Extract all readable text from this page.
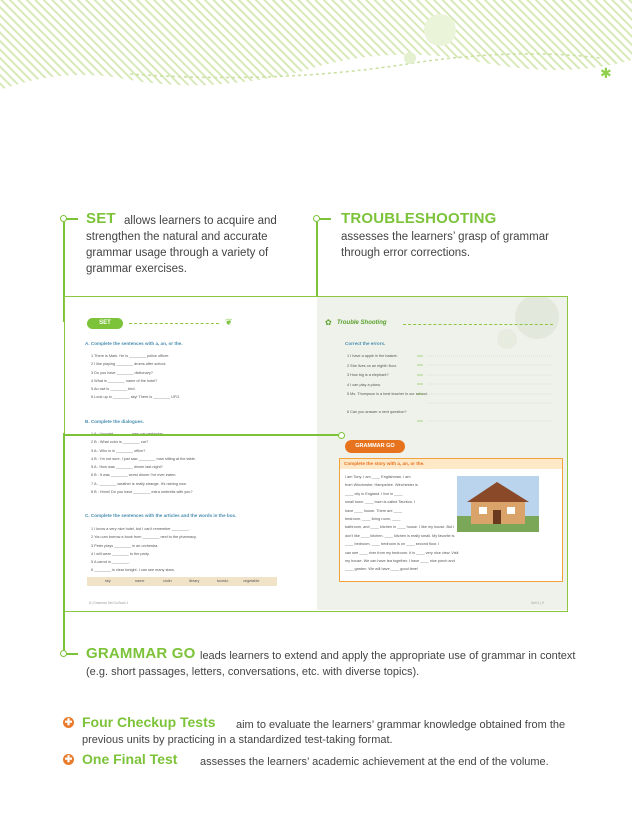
✱
SET allows learners to acquire and
strengthen the natural and accurate
grammar usage through a variety of
grammar exercises.
TROUBLESHOOTING
assesses the learners’ grasp of grammar
through error corrections.
SET	❦
A. Complete the sentences with a, an, or the.
1 There is Mark. He is ________ police officer.
2 I like playing ________ drums after school.
3 Do you have ________ dictionary?
4 What is ________ name of the hotel?
5 An owl is ________ bird.
6 Look up in ________ sky! There is ________ UFO.
B. Complete the dialogues.
2 B : What color is ________ car?
3 A : Who is in ________ office?
4 B : I'm not sure. I just saw ________ man sitting at the table.
5 A : How was ________ dinner last night?
6 B : It was ________ worst dinner I've ever eaten.
7 A : ________ weather is really strange. It's raining now.
8 B : Hmm! Do you have ________ extra umbrella with you?
C. Complete the sentences with the articles and the words in the box.
1 I know a very nice hotel, but I can't remember ________.
2 You can borrow a book from ________ next to the pharmacy.
3 Peter plays ________ in an orchestra.
4 I will wear ________ to the party.
5 A carrot is ________.
6 ________ is clear tonight. I can see many stars.
sky	name	violin	library	tuxedo	vegetable
8 | Grammar Set Go Book 1
✿ Trouble Shooting
Correct the errors.
1 I have a apple in the basket.
2 She lives on an eighth floor.
3 How big is a elephant?
4 I can play a piano.
5 Ms. Thompson is a best teacher in our school.
6 Can you answer a next question?
GRAMMAR GO
Complete the story with a, an, or the.
I am Tony. I am ____ Englishman. I am
from Winchester, Hampshire. Winchester is
____ city in England. I live in ____
small town. ____ town is called Taunton. I
have ____ house. There are ____
bedroom, ____ living room, ____
bathroom, and ____ kitchen in ____ house. I like my house. But I
don't like ____ kitchen. ____ kitchen is really small. My favorite is
____ bedroom. ____ bedroom is on ____ second floor. I
can see ____ river from my bedroom. It is ____ very nice view. Visit
my house. We can have tea together. I have ____ nice porch and
____ garden. We will have ____ good time!
Unit 1 | 9
GRAMMAR GO leads learners to extend and apply the appropriate use of grammar in context
(e.g. short passages, letters, conversations, etc. with diverse topics).
✚ Four Checkup Tests aim to evaluate the learners’ grammar knowledge obtained from the
previous units by practicing in a standardized test-taking format.
✚ One Final Test assesses the learners’ academic achievement at the end of the volume.
